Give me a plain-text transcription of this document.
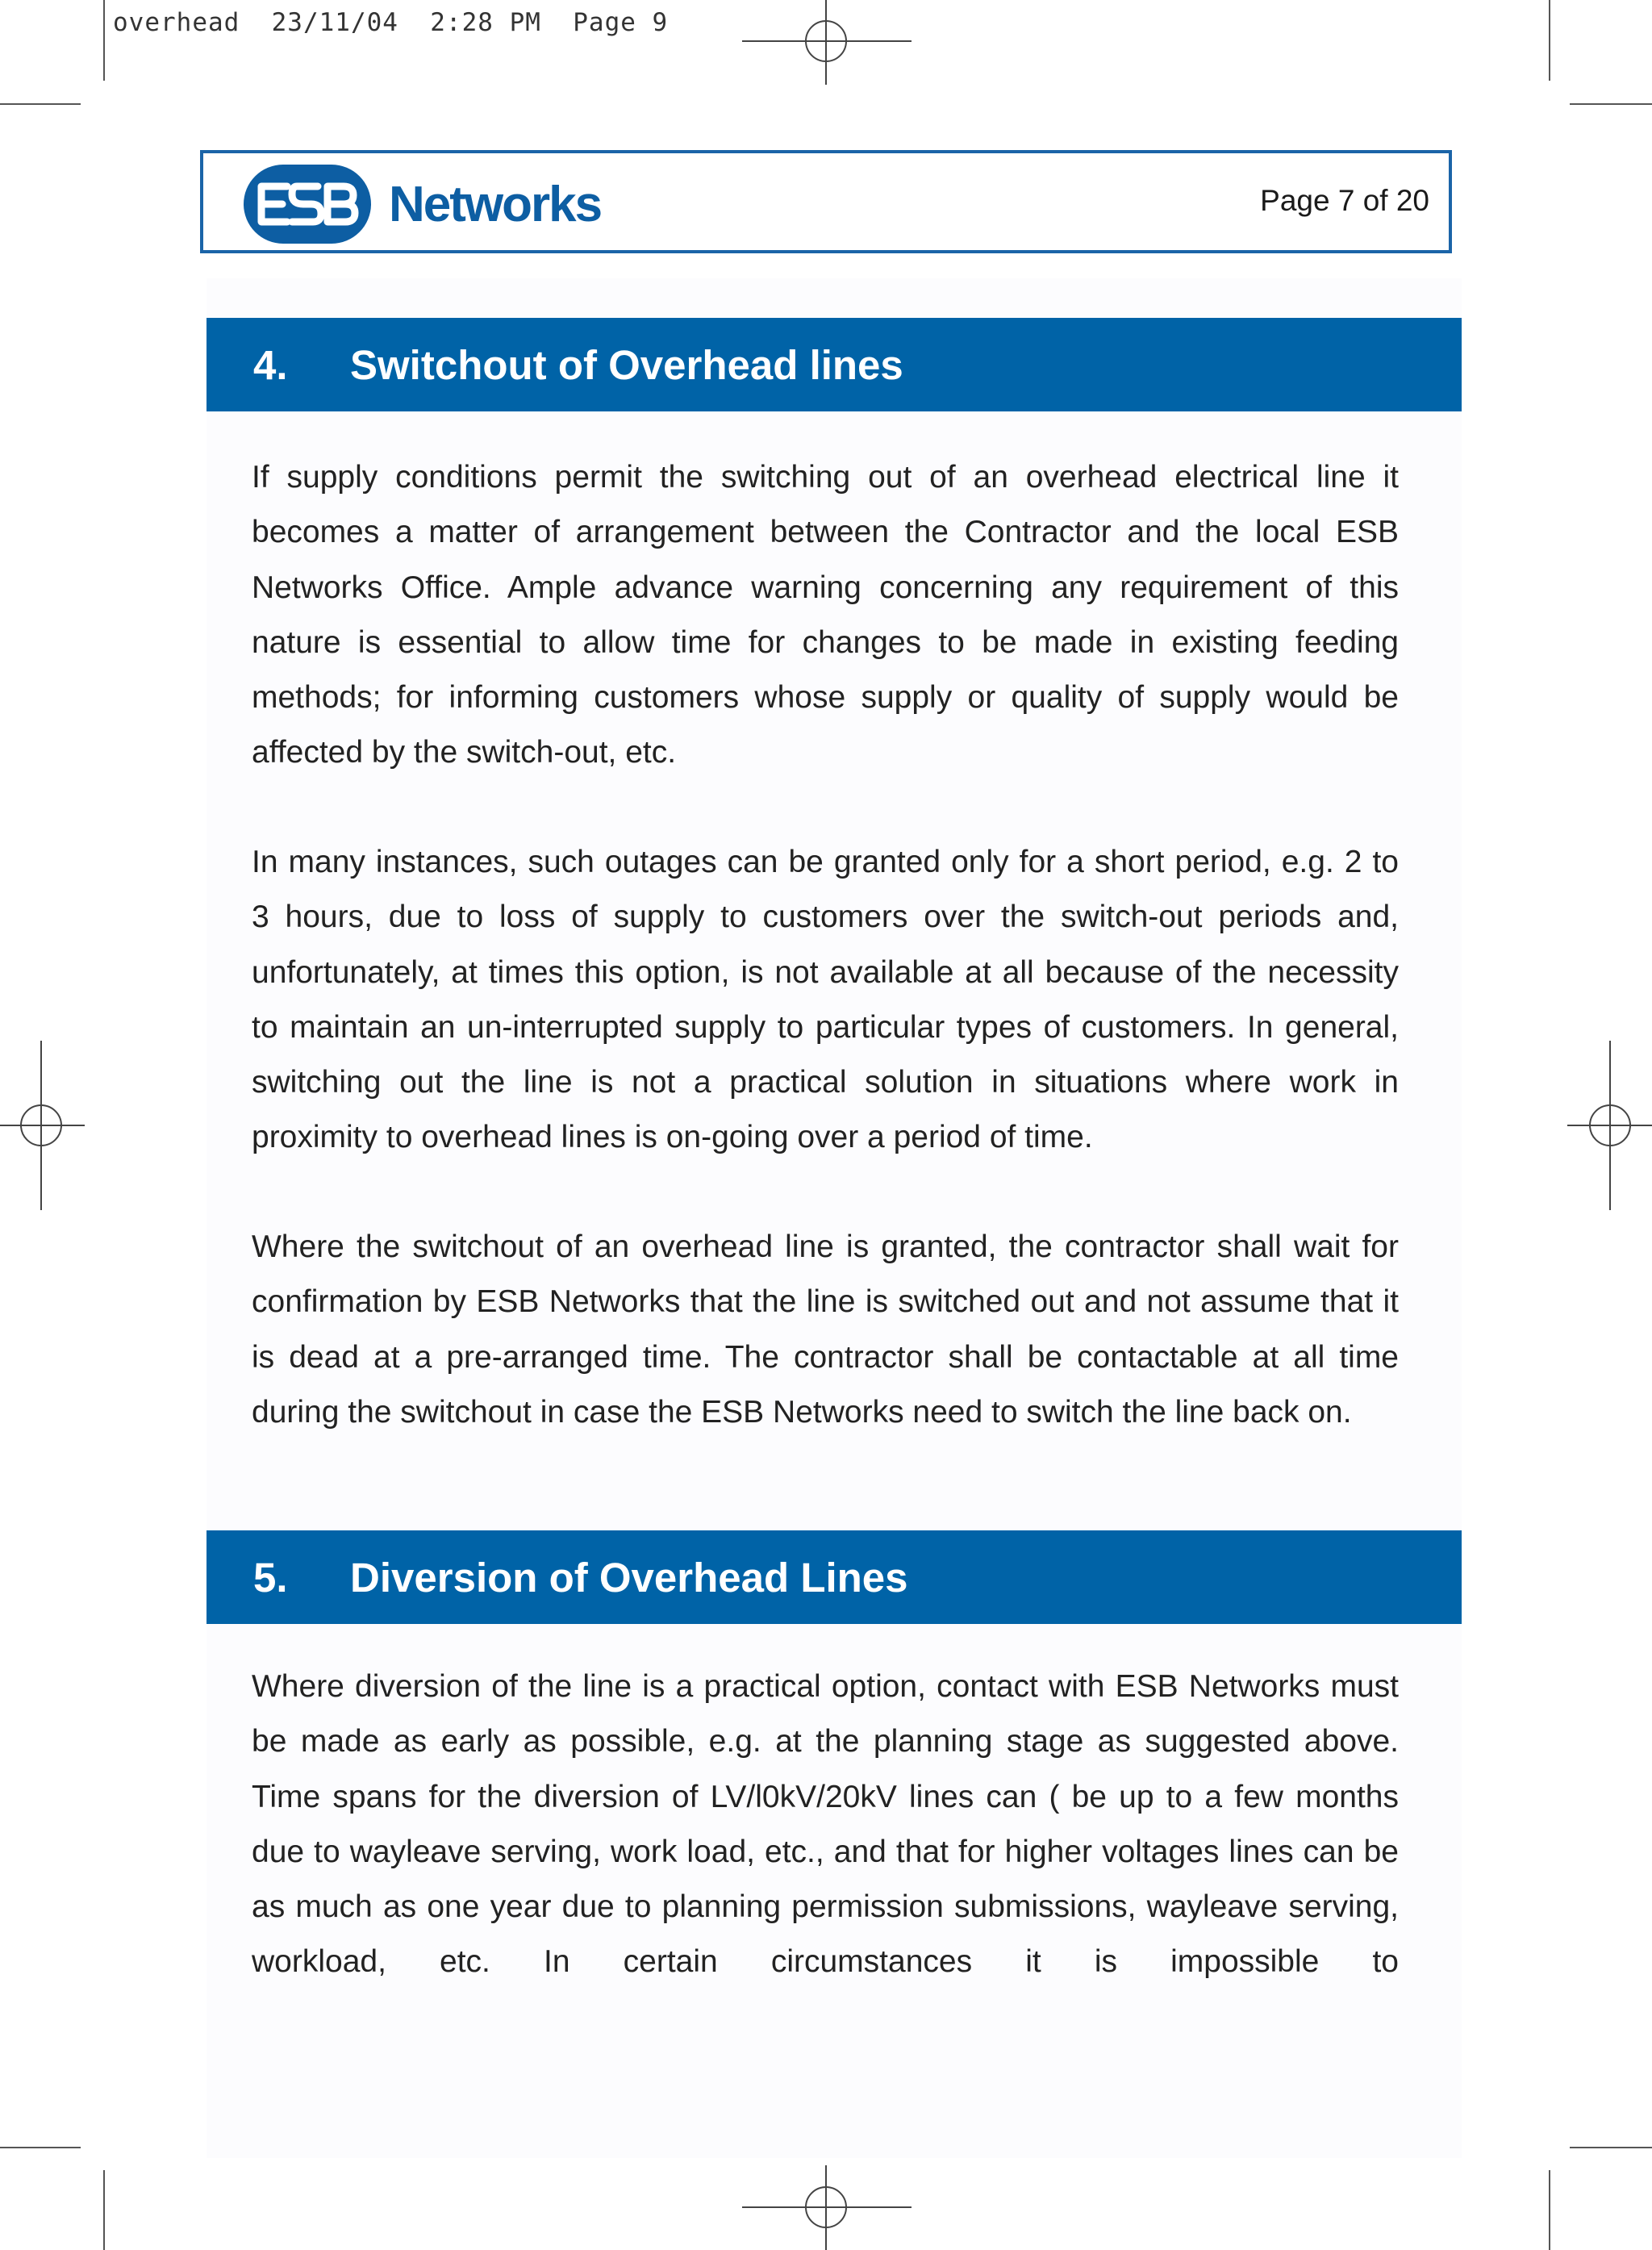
overhead  23/11/04  2:28 PM  Page 9
Networks	Page 7 of 20
4. Switchout of Overhead lines

If supply conditions permit the switching out of an overhead electrical line it becomes a matter of arrangement between the Contractor and the local ESB Networks Office. Ample advance warning concerning any requirement of this nature is essential to allow time for changes to be made in existing feeding methods; for informing customers whose supply or quality of supply would be affected by the switch-out, etc.

In many instances, such outages can be granted only for a short period, e.g. 2 to 3 hours, due to loss of supply to customers over the switch-out periods and, unfortunately, at times this option, is not available at all because of the necessity to maintain an un-interrupted supply to particular types of customers. In general, switching out the line is not a practical solution in situations where work in proximity to overhead lines is on-going over a period of time.

Where the switchout of an overhead line is granted, the contractor shall wait for confirmation by ESB Networks that the line is switched out and not assume that it is dead at a pre-arranged time. The contractor shall be contactable at all time during the switchout in case the ESB Networks need to switch the line back on.

5. Diversion of Overhead Lines

Where diversion of the line is a practical option, contact with ESB Networks must be made as early as possible, e.g. at the planning stage as suggested above. Time spans for the diversion of LV/l0kV/20kV lines can ( be up to a few months due to wayleave serving, work load, etc., and that for higher voltages lines can be as much as one year due to planning permission submissions, wayleave serving, workload, etc. In certain circumstances it is impossible to
